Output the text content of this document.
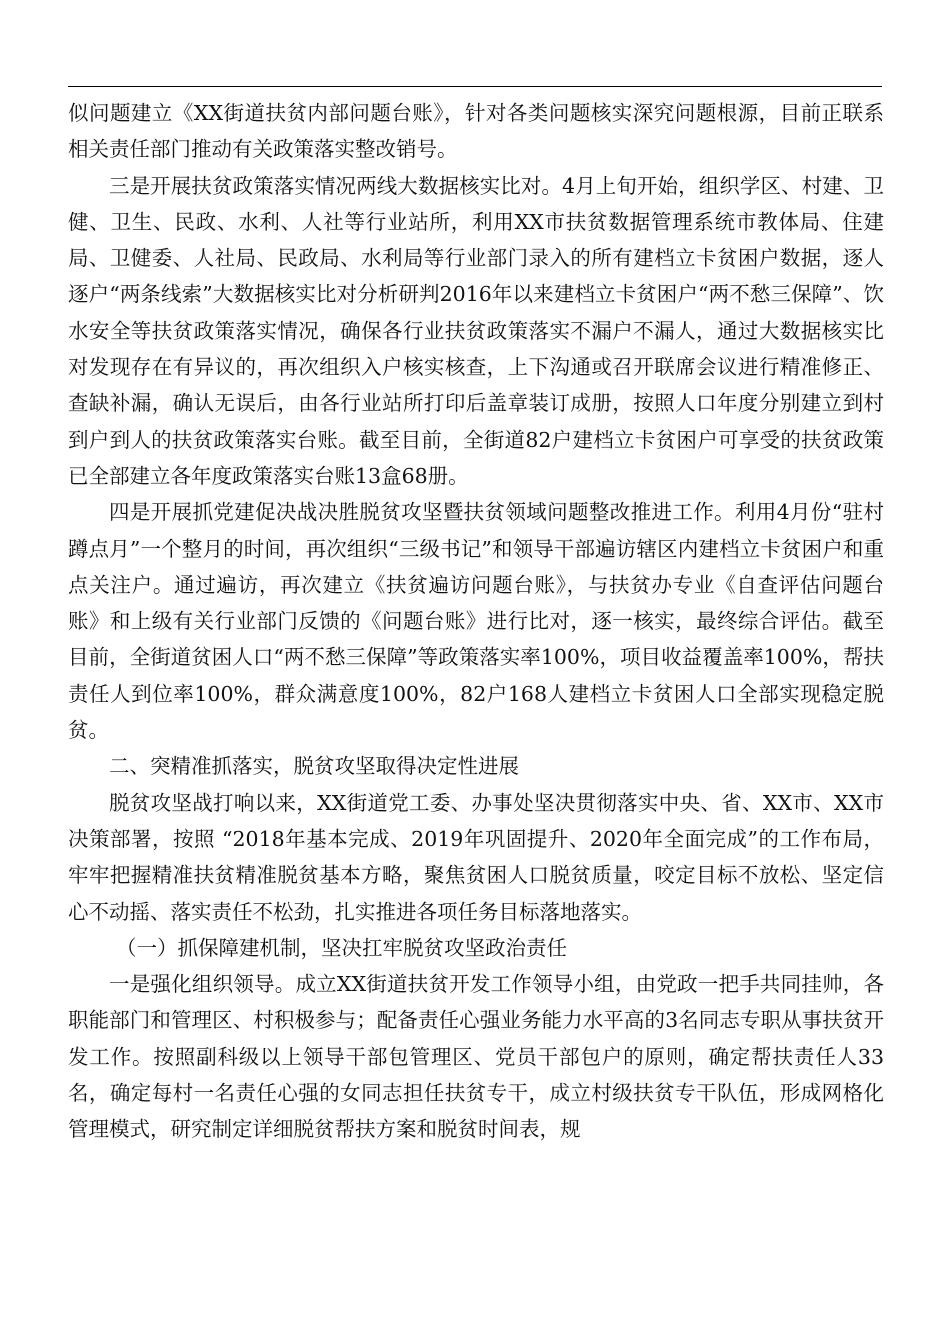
似问题建立《XX街道扶贫内部问题台账》，针对各类问题核实深究问题根源，目前正联系相关责任部门推动有关政策落实整改销号。

三是开展扶贫政策落实情况两线大数据核实比对。4月上旬开始，组织学区、村建、卫健、卫生、民政、水利、人社等行业站所，利用XX市扶贫数据管理系统市教体局、住建局、卫健委、人社局、民政局、水利局等行业部门录入的所有建档立卡贫困户数据，逐人逐户“两条线索”大数据核实比对分析研判2016年以来建档立卡贫困户“两不愁三保障”、饮水安全等扶贫政策落实情况，确保各行业扶贫政策落实不漏户不漏人，通过大数据核实比对发现存在有异议的，再次组织入户核实核查，上下沟通或召开联席会议进行精准修正、查缺补漏，确认无误后，由各行业站所打印后盖章装订成册，按照人口年度分别建立到村到户到人的扶贫政策落实台账。截至目前，全街道82户建档立卡贫困户可享受的扶贫政策已全部建立各年度政策落实台账13盒68册。

四是开展抓党建促决战决胜脱贫攻坚暨扶贫领域问题整改推进工作。利用4月份“驻村蹲点月”一个整月的时间，再次组织“三级书记”和领导干部遍访辖区内建档立卡贫困户和重点关注户。通过遍访，再次建立《扶贫遍访问题台账》，与扶贫办专业《自查评估问题台账》和上级有关行业部门反馈的《问题台账》进行比对，逐一核实，最终综合评估。截至目前，全街道贫困人口“两不愁三保障”等政策落实率100%，项目收益覆盖率100%，帮扶责任人到位率100%，群众满意度100%，82户168人建档立卡贫困人口全部实现稳定脱贫。

二、突精准抓落实，脱贫攻坚取得决定性进展

脱贫攻坚战打响以来，XX街道党工委、办事处坚决贯彻落实中央、省、XX市、XX市决策部署，按照 “2018年基本完成、2019年巩固提升、2020年全面完成”的工作布局，牢牢把握精准扶贫精准脱贫基本方略，聚焦贫困人口脱贫质量，咬定目标不放松、坚定信心不动摇、落实责任不松劲，扎实推进各项任务目标落地落实。

（一）抓保障建机制，坚决扛牢脱贫攻坚政治责任

一是强化组织领导。成立XX街道扶贫开发工作领导小组，由党政一把手共同挂帅，各职能部门和管理区、村积极参与；配备责任心强业务能力水平高的3名同志专职从事扶贫开发工作。按照副科级以上领导干部包管理区、党员干部包户的原则，确定帮扶责任人33名，确定每村一名责任心强的女同志担任扶贫专干，成立村级扶贫专干队伍，形成网格化管理模式，研究制定详细脱贫帮扶方案和脱贫时间表，规
